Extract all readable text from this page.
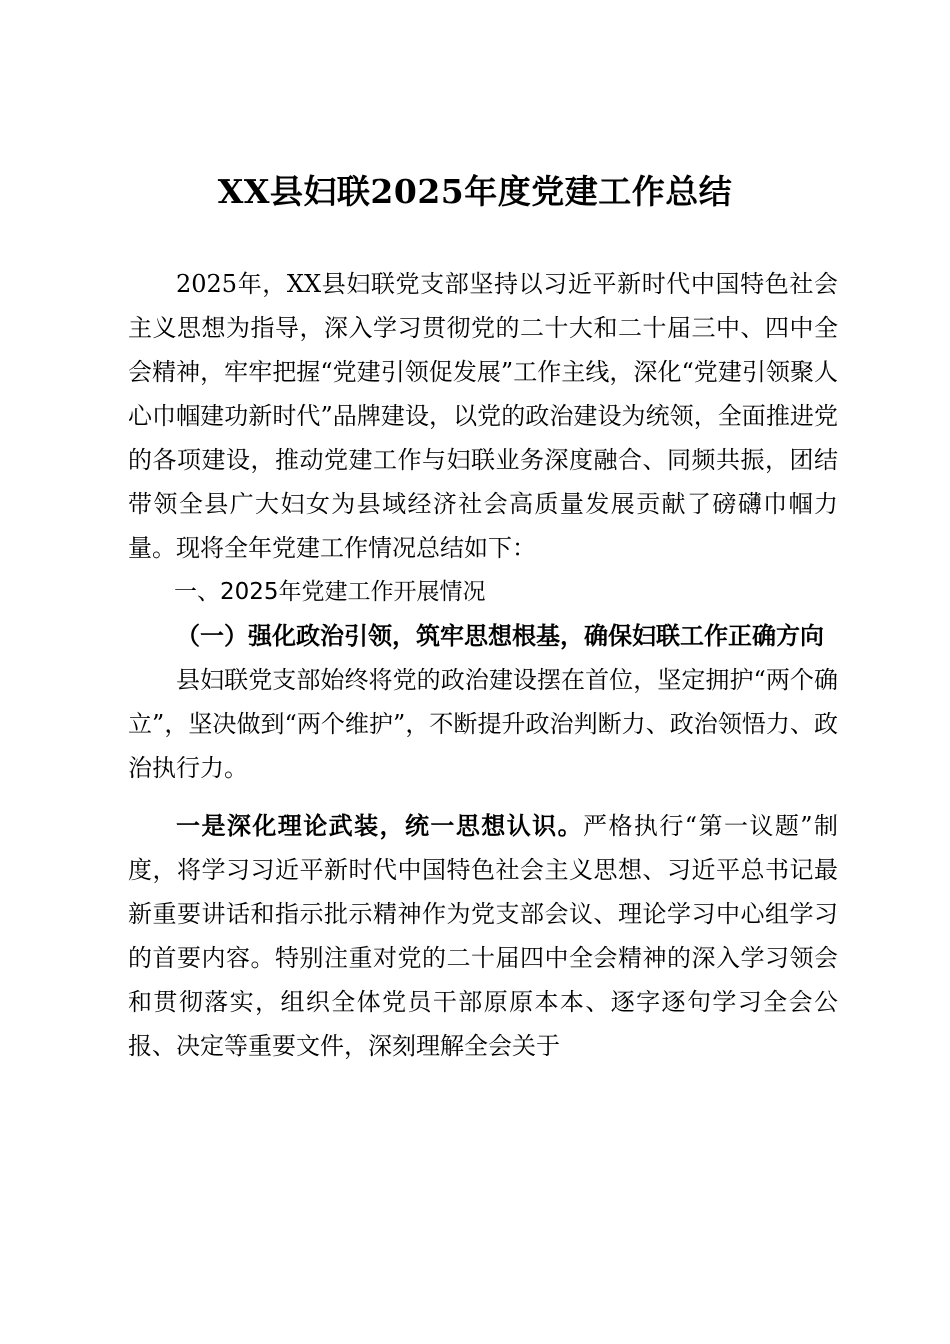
XX县妇联2025年度党建工作总结

2025年，XX县妇联党支部坚持以习近平新时代中国特色社会主义思想为指导，深入学习贯彻党的二十大和二十届三中、四中全会精神，牢牢把握“党建引领促发展”工作主线，深化“党建引领聚人心巾帼建功新时代”品牌建设，以党的政治建设为统领，全面推进党的各项建设，推动党建工作与妇联业务深度融合、同频共振，团结带领全县广大妇女为县域经济社会高质量发展贡献了磅礴巾帼力量。现将全年党建工作情况总结如下：

一、2025年党建工作开展情况

（一）强化政治引领，筑牢思想根基，确保妇联工作正确方向

县妇联党支部始终将党的政治建设摆在首位，坚定拥护“两个确立”，坚决做到“两个维护”，不断提升政治判断力、政治领悟力、政治执行力。

一是深化理论武装，统一思想认识。严格执行“第一议题”制度，将学习习近平新时代中国特色社会主义思想、习近平总书记最新重要讲话和指示批示精神作为党支部会议、理论学习中心组学习的首要内容。特别注重对党的二十届四中全会精神的深入学习领会和贯彻落实，组织全体党员干部原原本本、逐字逐句学习全会公报、决定等重要文件，深刻理解全会关于
